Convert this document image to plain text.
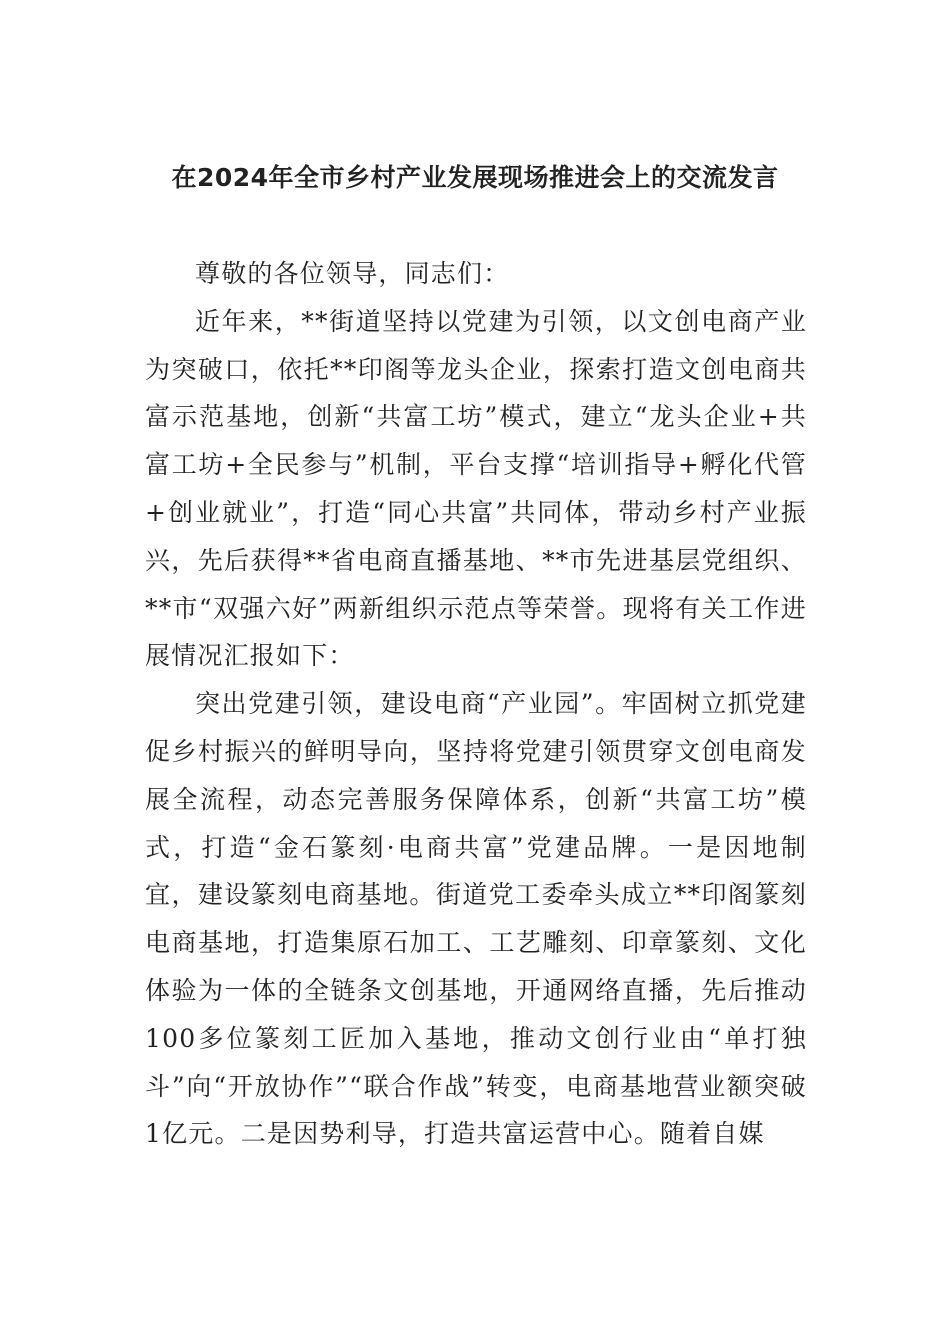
在2024年全市乡村产业发展现场推进会上的交流发言

尊敬的各位领导，同志们：

近年来，**街道坚持以党建为引领，以文创电商产业为突破口，依托**印阁等龙头企业，探索打造文创电商共富示范基地，创新“共富工坊”模式，建立“龙头企业+共富工坊+全民参与”机制，平台支撑“培训指导+孵化代管+创业就业”，打造“同心共富”共同体，带动乡村产业振兴，先后获得**省电商直播基地、**市先进基层党组织、**市“双强六好”两新组织示范点等荣誉。现将有关工作进展情况汇报如下：

突出党建引领，建设电商“产业园”。牢固树立抓党建促乡村振兴的鲜明导向，坚持将党建引领贯穿文创电商发展全流程，动态完善服务保障体系，创新“共富工坊”模式，打造“金石篆刻·电商共富”党建品牌。一是因地制宜，建设篆刻电商基地。街道党工委牵头成立**印阁篆刻电商基地，打造集原石加工、工艺雕刻、印章篆刻、文化体验为一体的全链条文创基地，开通网络直播，先后推动100多位篆刻工匠加入基地，推动文创行业由“单打独斗”向“开放协作”“联合作战”转变，电商基地营业额突破1亿元。二是因势利导，打造共富运营中心。随着自媒
